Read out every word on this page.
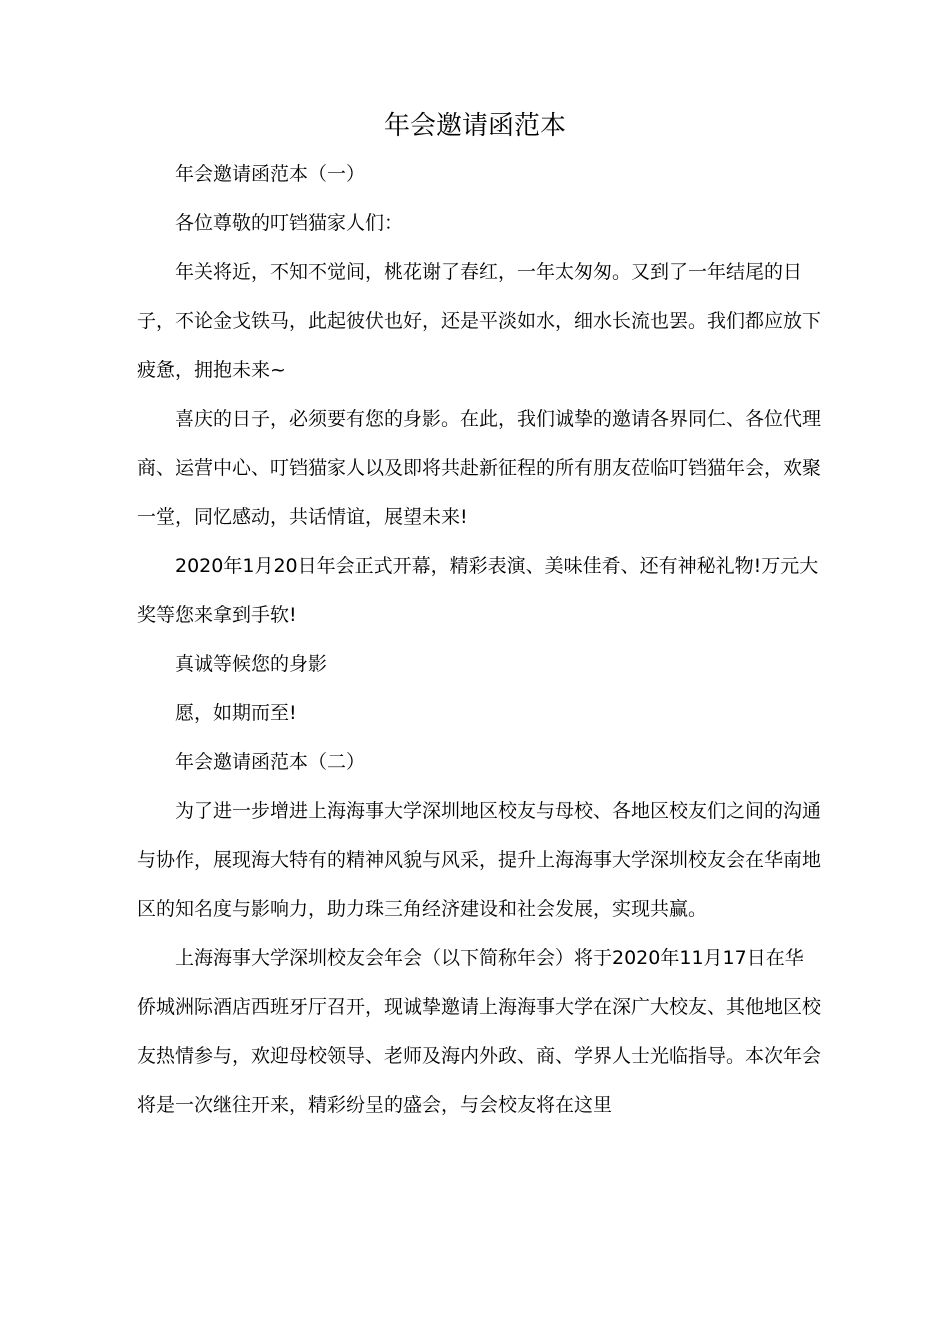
年会邀请函范本

年会邀请函范本（一）

各位尊敬的叮铛猫家人们：

年关将近，不知不觉间，桃花谢了春红，一年太匆匆。又到了一年结尾的日子，不论金戈铁马，此起彼伏也好，还是平淡如水，细水长流也罢。我们都应放下疲惫，拥抱未来~

喜庆的日子，必须要有您的身影。在此，我们诚挚的邀请各界同仁、各位代理商、运营中心、叮铛猫家人以及即将共赴新征程的所有朋友莅临叮铛猫年会，欢聚一堂，同忆感动，共话情谊，展望未来!

2020年1月20日年会正式开幕，精彩表演、美味佳肴、还有神秘礼物!万元大奖等您来拿到手软!

真诚等候您的身影

愿，如期而至!

年会邀请函范本（二）

为了进一步增进上海海事大学深圳地区校友与母校、各地区校友们之间的沟通与协作，展现海大特有的精神风貌与风采，提升上海海事大学深圳校友会在华南地区的知名度与影响力，助力珠三角经济建设和社会发展，实现共赢。

上海海事大学深圳校友会年会（以下简称年会）将于2020年11月17日在华侨城洲际酒店西班牙厅召开，现诚挚邀请上海海事大学在深广大校友、其他地区校友热情参与，欢迎母校领导、老师及海内外政、商、学界人士光临指导。本次年会将是一次继往开来，精彩纷呈的盛会，与会校友将在这里
